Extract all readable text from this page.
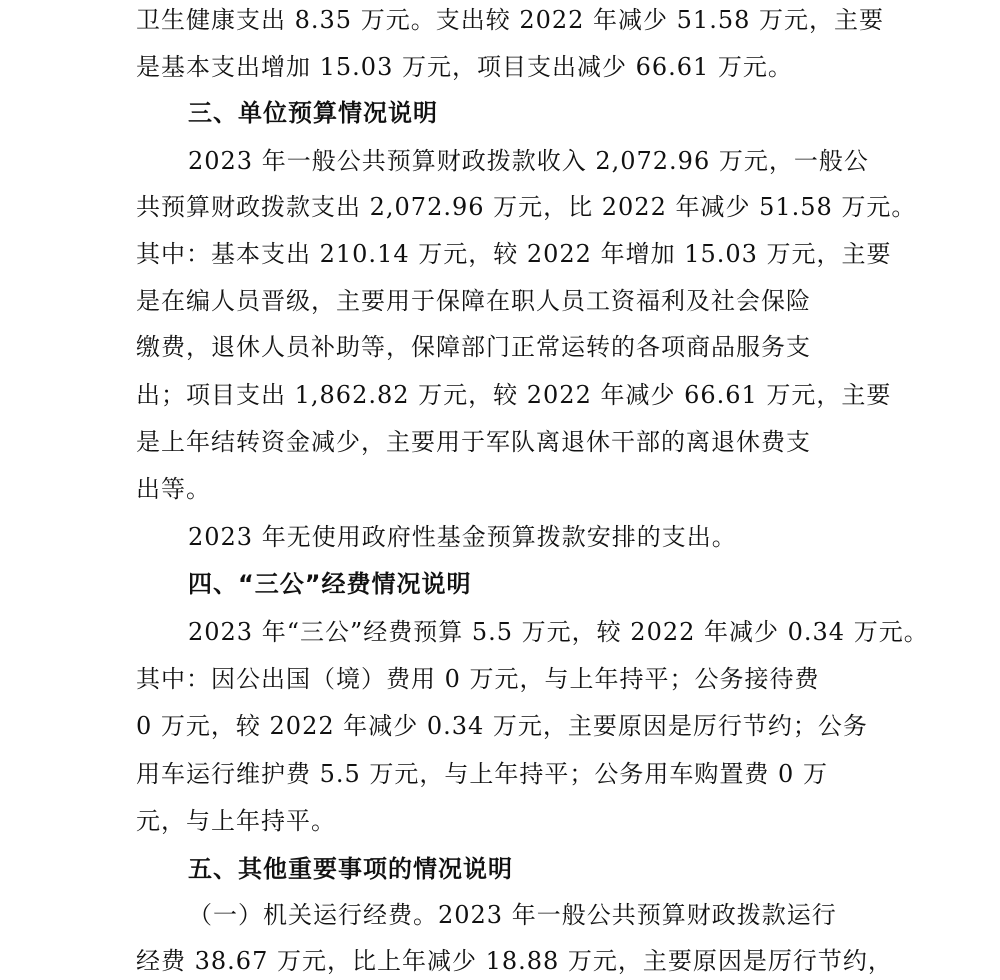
卫生健康支出 8.35 万元。支出较 2022 年减少 51.58 万元，主要
是基本支出增加 15.03 万元，项目支出减少 66.61 万元。
三、单位预算情况说明
2023 年一般公共预算财政拨款收入 2,072.96 万元，一般公
共预算财政拨款支出 2,072.96 万元，比 2022 年减少 51.58 万元。
其中：基本支出 210.14 万元，较 2022 年增加 15.03 万元，主要
是在编人员晋级，主要用于保障在职人员工资福利及社会保险
缴费，退休人员补助等，保障部门正常运转的各项商品服务支
出；项目支出 1,862.82 万元，较 2022 年减少 66.61 万元，主要
是上年结转资金减少，主要用于军队离退休干部的离退休费支
出等。
2023 年无使用政府性基金预算拨款安排的支出。
四、“三公”经费情况说明
2023 年“三公”经费预算 5.5 万元，较 2022 年减少 0.34 万元。
其中：因公出国（境）费用 0 万元，与上年持平；公务接待费
0 万元，较 2022 年减少 0.34 万元，主要原因是厉行节约；公务
用车运行维护费 5.5 万元，与上年持平；公务用车购置费 0 万
元，与上年持平。
五、其他重要事项的情况说明
（一）机关运行经费。2023 年一般公共预算财政拨款运行
经费 38.67 万元，比上年减少 18.88 万元，主要原因是厉行节约，
